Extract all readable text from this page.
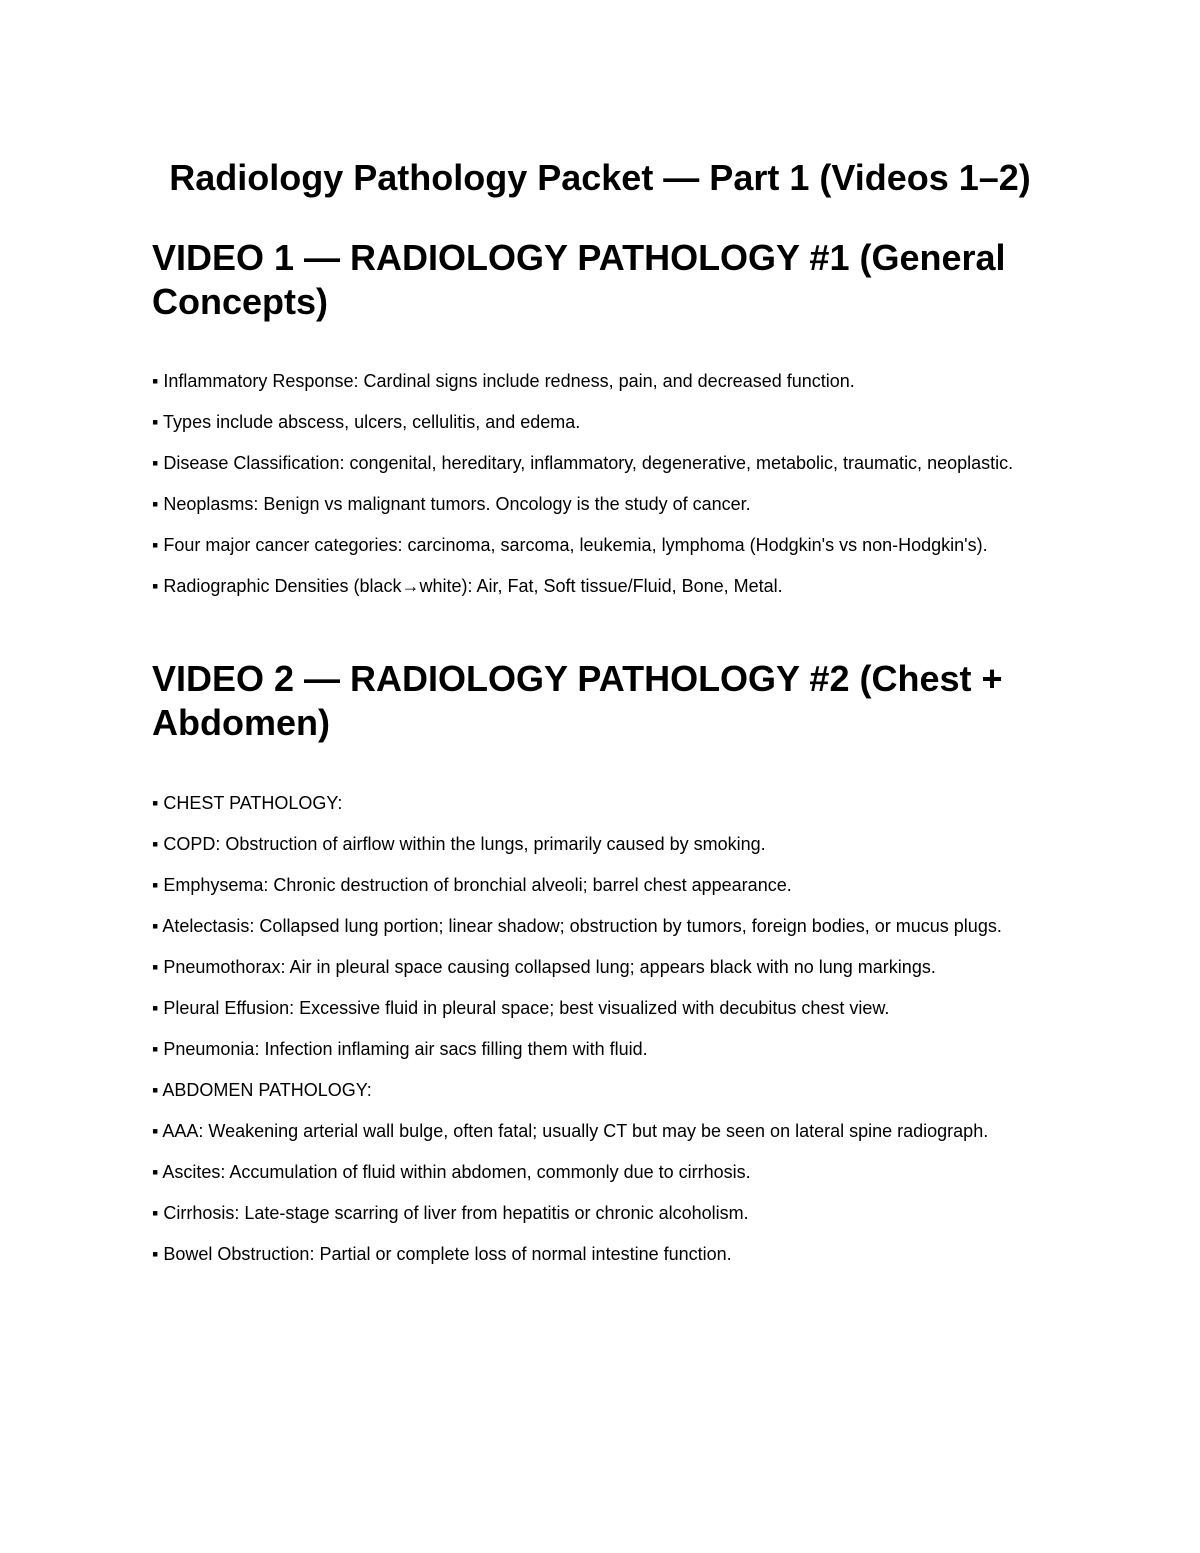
Radiology Pathology Packet — Part 1 (Videos 1–2)
VIDEO 1 — RADIOLOGY PATHOLOGY #1 (General Concepts)
▪ Inflammatory Response: Cardinal signs include redness, pain, and decreased function.
▪ Types include abscess, ulcers, cellulitis, and edema.
▪ Disease Classification: congenital, hereditary, inflammatory, degenerative, metabolic, traumatic, neoplastic.
▪ Neoplasms: Benign vs malignant tumors. Oncology is the study of cancer.
▪ Four major cancer categories: carcinoma, sarcoma, leukemia, lymphoma (Hodgkin's vs non-Hodgkin's).
▪ Radiographic Densities (black→white): Air, Fat, Soft tissue/Fluid, Bone, Metal.
VIDEO 2 — RADIOLOGY PATHOLOGY #2 (Chest + Abdomen)
▪ CHEST PATHOLOGY:
▪ COPD: Obstruction of airflow within the lungs, primarily caused by smoking.
▪ Emphysema: Chronic destruction of bronchial alveoli; barrel chest appearance.
▪ Atelectasis: Collapsed lung portion; linear shadow; obstruction by tumors, foreign bodies, or mucus plugs.
▪ Pneumothorax: Air in pleural space causing collapsed lung; appears black with no lung markings.
▪ Pleural Effusion: Excessive fluid in pleural space; best visualized with decubitus chest view.
▪ Pneumonia: Infection inflaming air sacs filling them with fluid.
▪ ABDOMEN PATHOLOGY:
▪ AAA: Weakening arterial wall bulge, often fatal; usually CT but may be seen on lateral spine radiograph.
▪ Ascites: Accumulation of fluid within abdomen, commonly due to cirrhosis.
▪ Cirrhosis: Late-stage scarring of liver from hepatitis or chronic alcoholism.
▪ Bowel Obstruction: Partial or complete loss of normal intestine function.
